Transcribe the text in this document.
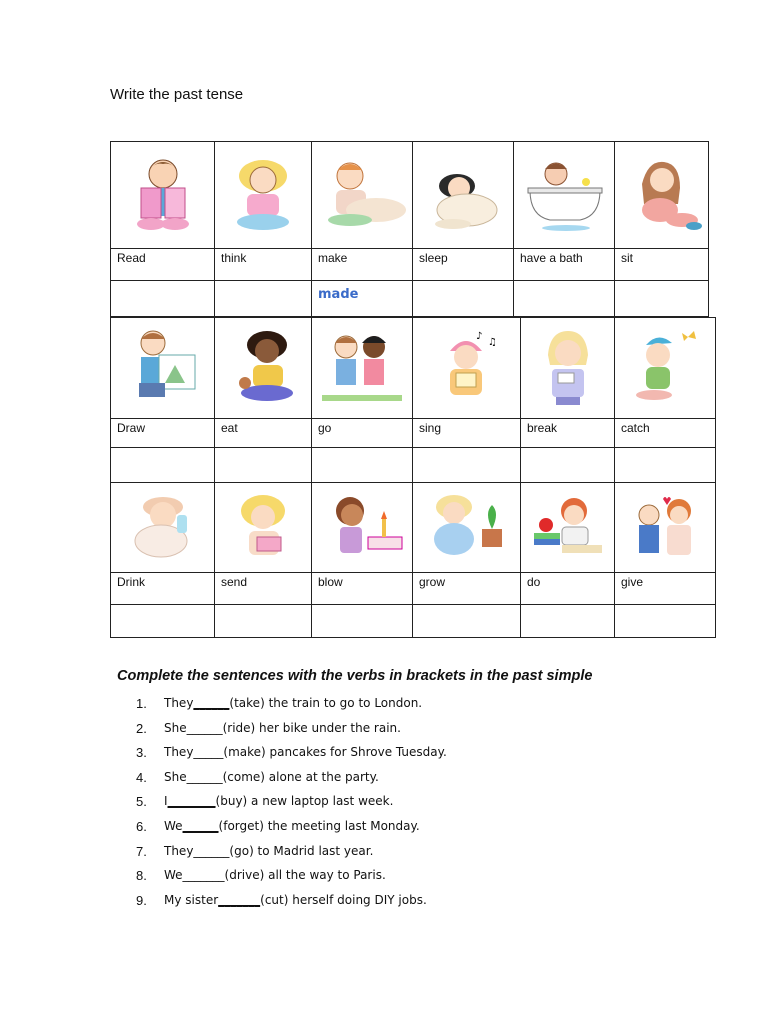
Write the past tense

Read	think	make	sleep	have a bath	sit

		made			

♪
♫

Draw	eat	go	sing	break	catch

Drink	send	blow	grow	do	give

Complete the sentences with the verbs in brackets in the past simple

1.	They______(take) the train to go to London.
2.	She______(ride) her bike under the rain.
3.	They_____(make) pancakes for Shrove Tuesday.
4.	She______(come) alone at the party.
5.	I________(buy) a new laptop last week.
6.	We______(forget) the meeting last Monday.
7.	They______(go) to Madrid last year.
8.	We_______(drive) all the way to Paris.
9.	My sister_______(cut) herself doing DIY jobs.
